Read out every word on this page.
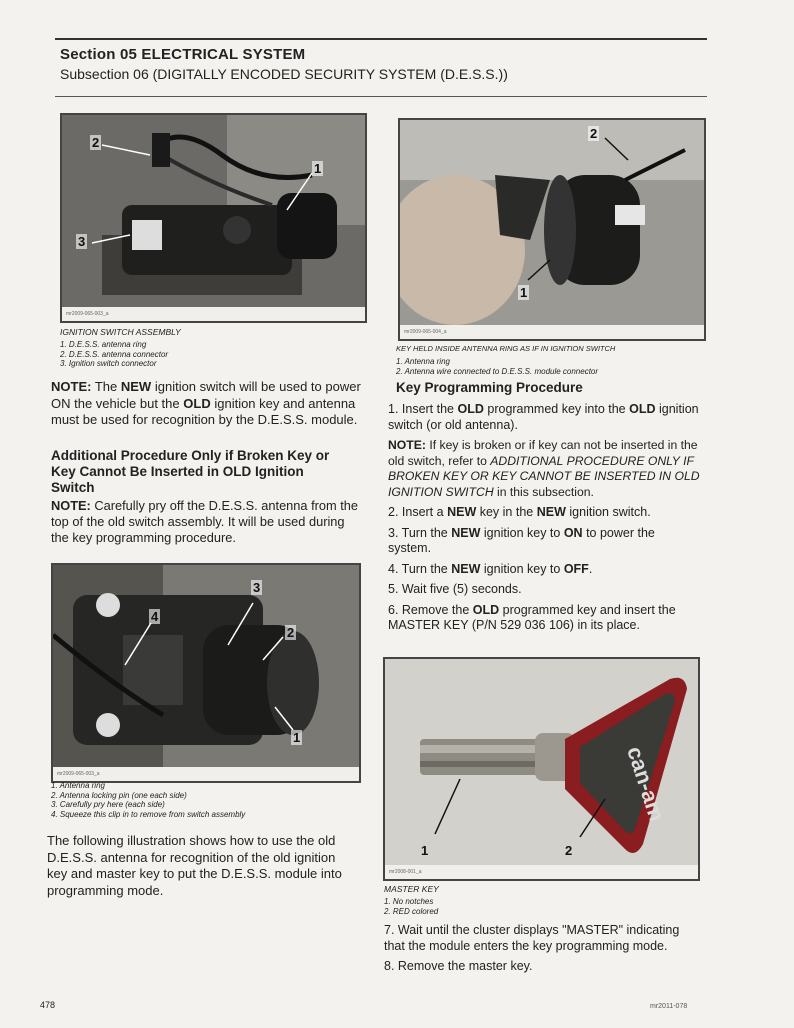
Section 05 ELECTRICAL SYSTEM
Subsection 06 (DIGITALLY ENCODED SECURITY SYSTEM (D.E.S.S.))
2
1
3
mr2009-065-003_a
IGNITION SWITCH ASSEMBLY
1. D.E.S.S. antenna ring
2. D.E.S.S. antenna connector
3. Ignition switch connector
NOTE: The NEW ignition switch will be used to power ON the vehicle but the OLD ignition key and antenna must be used for recognition by the D.E.S.S. module.
Additional Procedure Only if Broken Key or Key Cannot Be Inserted in OLD Ignition Switch
NOTE: Carefully pry off the D.E.S.S. antenna from the top of the old switch assembly. It will be used during the key programming procedure.
3
4
2
1
mr2009-065-003_a
1. Antenna ring
2. Antenna locking pin (one each side)
3. Carefully pry here (each side)
4. Squeeze this clip in to remove from switch assembly
The following illustration shows how to use the old D.E.S.S. antenna for recognition of the old ignition key and master key to put the D.E.S.S. module into programming mode.
2
1
mr2009-065-004_a
KEY HELD INSIDE ANTENNA RING AS IF IN IGNITION SWITCH
1. Antenna ring
2. Antenna wire connected to D.E.S.S. module connector
Key Programming Procedure
1. Insert the OLD programmed key into the OLD ignition switch (or old antenna).
NOTE: If key is broken or if key can not be inserted in the old switch, refer to ADDITIONAL PROCEDURE ONLY IF BROKEN KEY OR KEY CANNOT BE INSERTED IN OLD IGNITION SWITCH in this subsection.
2. Insert a NEW key in the NEW ignition switch.
3. Turn the NEW ignition key to ON to power the system.
4. Turn the NEW ignition key to OFF.
5. Wait five (5) seconds.
6. Remove the OLD programmed key and insert the MASTER KEY (P/N 529 036 106) in its place.
can-am
1	2
mr2008-001_a
MASTER KEY
1. No notches
2. RED colored
7. Wait until the cluster displays "MASTER" indicating that the module enters the key programming mode.
8. Remove the master key.
478	mr2011-078
